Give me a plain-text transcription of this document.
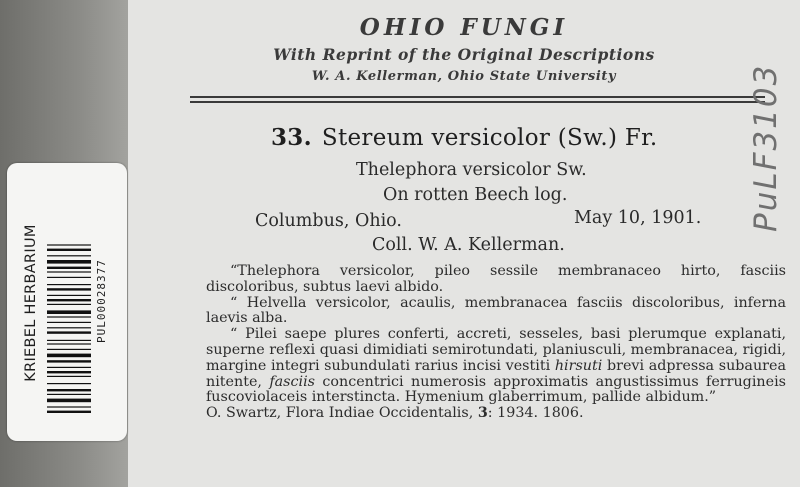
OHIO FUNGI
With Reprint of the Original Descriptions
W. A. Kellerman, Ohio State University
33. Stereum versicolor (Sw.) Fr.
Thelephora versicolor Sw.
On rotten Beech log.
Columbus, Ohio.	May 10, 1901.
Coll. W. A. Kellerman.

“Thelephora versicolor, pileo sessile membranaceo hirto, fasciis discoloribus, subtus laevi albido.

“ Helvella versicolor, acaulis, membranacea fasciis discoloribus, inferna laevis alba.

“ Pilei saepe plures conferti, accreti, sesseles, basi plerumque explanati, superne reflexi quasi dimidiati semirotundati, planiusculi, membranacea, rigidi, margine integri subundulati rarius incisi vestiti hirsuti brevi adpressa subaurea nitente, fasciis concentrici numerosis approximatis angustissimus ferrugineis fuscoviolaceis interstincta. Hymenium glaberrimum, pallide albidum.”

O. Swartz, Flora Indiae Occidentalis, 3: 1934. 1806.

KRIEBEL HERBARIUM	PUL00028377
